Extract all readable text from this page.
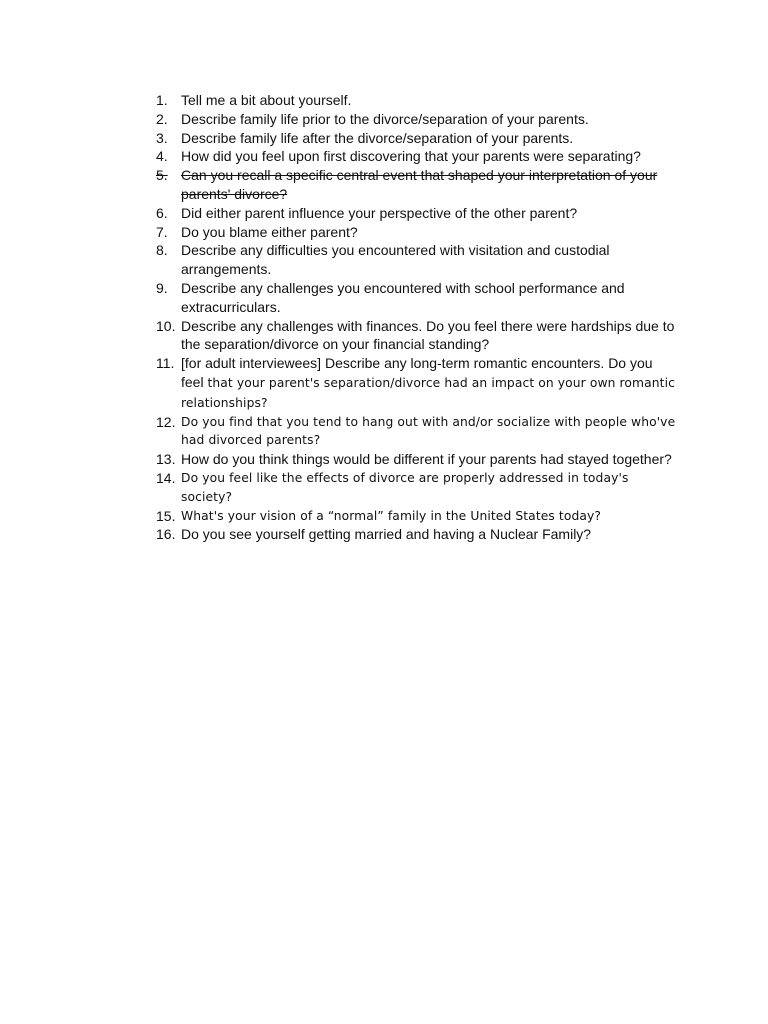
1. Tell me a bit about yourself.
2. Describe family life prior to the divorce/separation of your parents.
3. Describe family life after the divorce/separation of your parents.
4. How did you feel upon first discovering that your parents were separating?
5. Can you recall a specific central event that shaped your interpretation of your parents' divorce?
6. Did either parent influence your perspective of the other parent?
7. Do you blame either parent?
8. Describe any difficulties you encountered with visitation and custodial arrangements.
9. Describe any challenges you encountered with school performance and extracurriculars.
10. Describe any challenges with finances. Do you feel there were hardships due to the separation/divorce on your financial standing?
11. [for adult interviewees] Describe any long-term romantic encounters. Do you feel that your parent's separation/divorce had an impact on your own romantic relationships?
12. Do you find that you tend to hang out with and/or socialize with people who've had divorced parents?
13. How do you think things would be different if your parents had stayed together?
14. Do you feel like the effects of divorce are properly addressed in today's society?
15. What's your vision of a “normal” family in the United States today?
16. Do you see yourself getting married and having a Nuclear Family?
